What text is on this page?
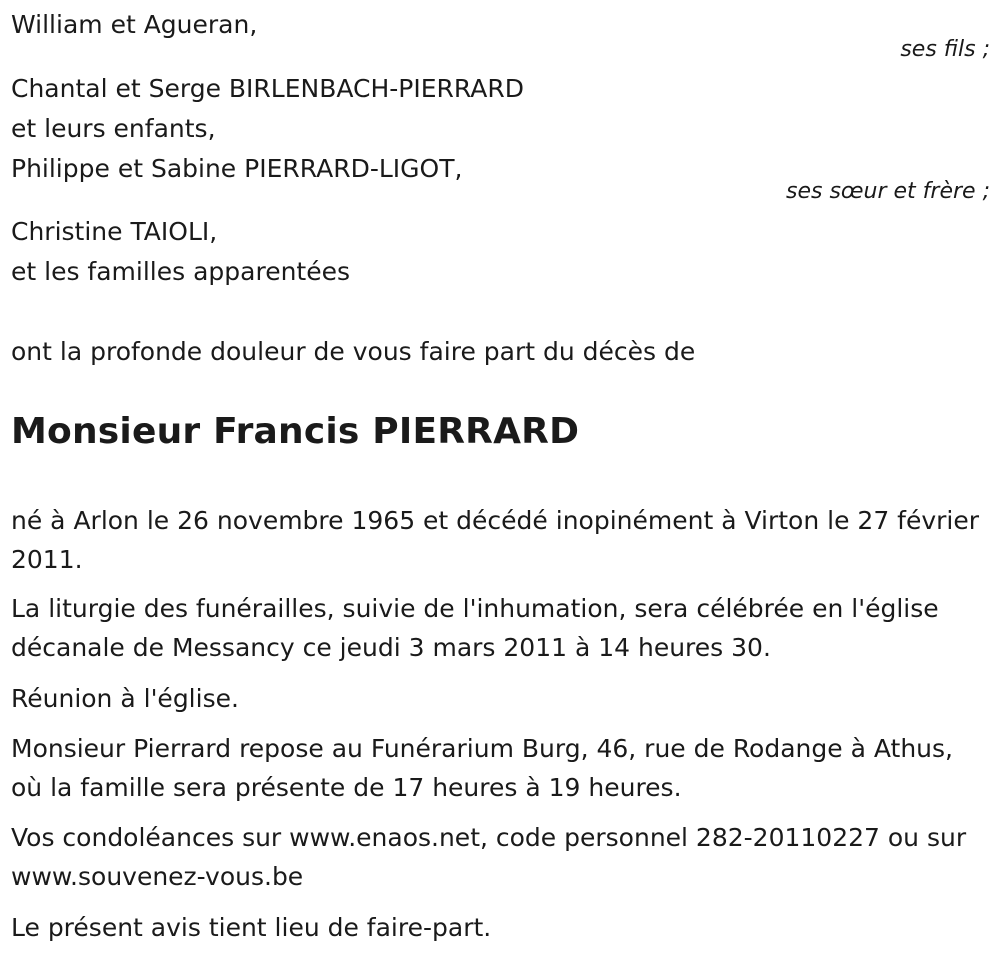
William et Agueran,
ses fils ;
Chantal et Serge BIRLENBACH-PIERRARD
et leurs enfants,
Philippe et Sabine PIERRARD-LIGOT,
ses sœur et frère ;
Christine TAIOLI,
et les familles apparentées
ont la profonde douleur de vous faire part du décès de
Monsieur Francis PIERRARD
né à Arlon le 26 novembre 1965 et décédé inopinément à Virton le 27 février 2011.
La liturgie des funérailles, suivie de l'inhumation, sera célébrée en l'église décanale de Messancy ce jeudi 3 mars 2011 à 14 heures 30.
Réunion à l'église.
Monsieur Pierrard repose au Funérarium Burg, 46, rue de Rodange à Athus, où la famille sera présente de 17 heures à 19 heures.
Vos condoléances sur www.enaos.net, code personnel 282-20110227 ou sur www.souvenez-vous.be
Le présent avis tient lieu de faire-part.
